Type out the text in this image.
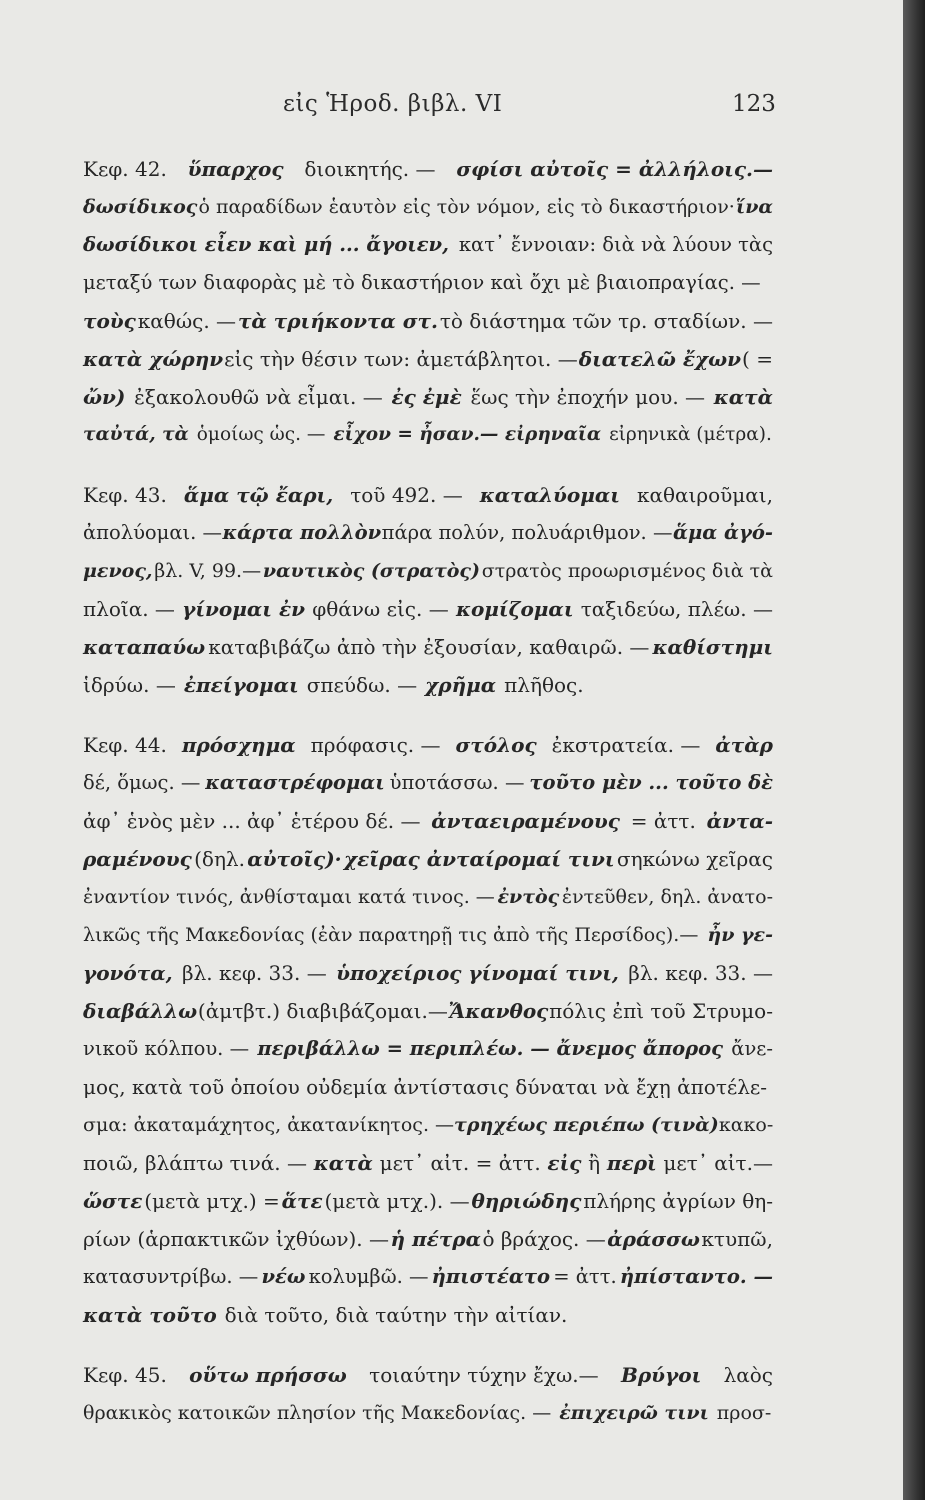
εἰς Ἡροδ. βιβλ. VI	123
Κεφ. 42. ὕπαρχος διοικητής. — σφίσι αὐτοῖς = ἀλλήλοις.—
δωσίδικος ὁ παραδίδων ἑαυτὸν εἰς τὸν νόμον, εἰς τὸ δικαστήριον· ἵνα
δωσίδικοι εἶεν καὶ μή ... ἄγοιεν, κατ᾽ ἔννοιαν: διὰ νὰ λύουν τὰς
μεταξύ των διαφορὰς μὲ τὸ δικαστήριον καὶ ὄχι μὲ βιαιοπραγίας. —
τοὺς καθώς. — τὰ τριήκοντα στ. τὸ διάστημα τῶν τρ. σταδίων. —
κατὰ χώρην εἰς τὴν θέσιν των: ἀμετάβλητοι. — διατελῶ ἔχων ( =
ὤν) ἐξακολουθῶ νὰ εἶμαι. — ἐς ἐμὲ ἕως τὴν ἐποχήν μου. — κατὰ
ταὐτά, τὰ ὁμοίως ὡς. — εἶχον = ἦσαν.— εἰρηναῖα εἰρηνικὰ (μέτρα).
Κεφ. 43. ἅμα τῷ ἔαρι, τοῦ 492. — καταλύομαι καθαιροῦμαι,
ἀπολύομαι. — κάρτα πολλὸν πάρα πολύν, πολυάριθμον. — ἅμα ἀγό-
μενος, βλ. V, 99.— ναυτικὸς (στρατὸς) στρατὸς προωρισμένος διὰ τὰ
πλοῖα. — γίνομαι ἐν φθάνω εἰς. — κομίζομαι ταξιδεύω, πλέω. —
καταπαύω καταβιβάζω ἀπὸ τὴν ἐξουσίαν, καθαιρῶ. — καθίστημι
ἱδρύω. — ἐπείγομαι σπεύδω. — χρῆμα πλῆθος.
Κεφ. 44. πρόσχημα πρόφασις. — στόλος ἐκστρατεία. — ἀτὰρ
δέ, ὅμως. — καταστρέφομαι ὑποτάσσω. — τοῦτο μὲν ... τοῦτο δὲ
ἀφ᾽ ἑνὸς μὲν ... ἀφ᾽ ἑτέρου δέ. — ἀνταειραμένους = ἀττ. ἀντα-
ραμένους (δηλ. αὐτοῖς)· χεῖρας ἀνταίρομαί τινι σηκώνω χεῖρας
ἐναντίον τινός, ἀνθίσταμαι κατά τινος. — ἐντὸς ἐντεῦθεν, δηλ. ἀνατο-
λικῶς τῆς Μακεδονίας (ἐὰν παρατηρῇ τις ἀπὸ τῆς Περσίδος).— ἦν γε-
γονότα, βλ. κεφ. 33. — ὑποχείριος γίνομαί τινι, βλ. κεφ. 33. —
διαβάλλω (ἀμτβτ.) διαβιβάζομαι.— Ἄκανθος πόλις ἐπὶ τοῦ Στρυμο-
νικοῦ κόλπου. — περιβάλλω = περιπλέω. — ἄνεμος ἄπορος ἄνε-
μος, κατὰ τοῦ ὁποίου οὐδεμία ἀντίστασις δύναται νὰ ἔχῃ ἀποτέλε-
σμα: ἀκαταμάχητος, ἀκατανίκητος. — τρηχέως περιέπω (τινὰ) κακο-
ποιῶ, βλάπτω τινά. — κατὰ μετ᾽ αἰτ. = ἀττ. εἰς ἢ περὶ μετ᾽ αἰτ.—
ὥστε (μετὰ μτχ.) = ἅτε (μετὰ μτχ.). — θηριώδης πλήρης ἀγρίων θη-
ρίων (ἁρπακτικῶν ἰχθύων). — ἡ πέτρα ὁ βράχος. — ἀράσσω κτυπῶ,
κατασυντρίβω. — νέω κολυμβῶ. — ἠπιστέατο = ἀττ. ἠπίσταντο. —
κατὰ τοῦτο διὰ τοῦτο, διὰ ταύτην τὴν αἰτίαν.
Κεφ. 45. οὕτω πρήσσω τοιαύτην τύχην ἔχω.— Βρύγοι λαὸς
θρακικὸς κατοικῶν πλησίον τῆς Μακεδονίας. — ἐπιχειρῶ τινι προσ-
